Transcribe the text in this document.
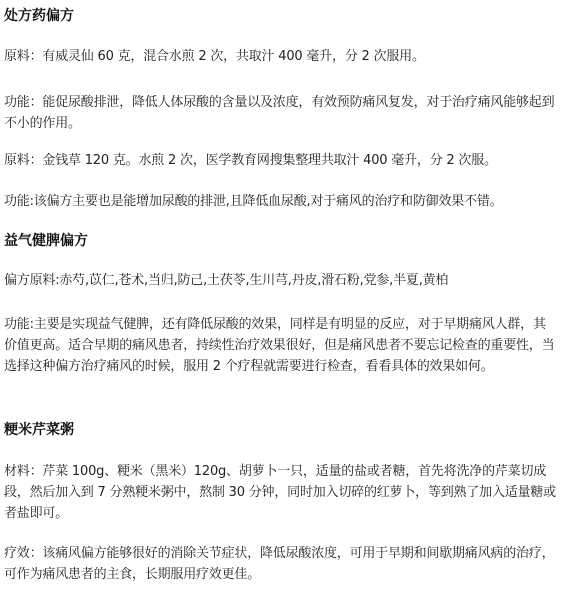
处方药偏方

原料：有威灵仙 60 克，混合水煎 2 次，共取汁 400 毫升，分 2 次服用。

功能：能促尿酸排泄，降低人体尿酸的含量以及浓度，有效预防痛风复发，对于治疗痛风能够起到不小的作用。

原料：金钱草 120 克。水煎 2 次，医学教育网搜集整理共取汁 400 毫升，分 2 次服。

功能:该偏方主要也是能增加尿酸的排泄,且降低血尿酸,对于痛风的治疗和防御效果不错。

益气健脾偏方

偏方原料:赤芍,苡仁,苍术,当归,防己,土茯苓,生川芎,丹皮,滑石粉,党参,半夏,黄柏

功能:主要是实现益气健脾，还有降低尿酸的效果，同样是有明显的反应，对于早期痛风人群，其价值更高。适合早期的痛风患者，持续性治疗效果很好，但是痛风患者不要忘记检查的重要性，当选择这种偏方治疗痛风的时候，服用 2 个疗程就需要进行检查，看看具体的效果如何。

粳米芹菜粥

材料：芹菜 100g、粳米（黑米）120g、胡萝卜一只，适量的盐或者糖，首先将洗净的芹菜切成段，然后加入到 7 分熟粳米粥中，熬制 30 分钟，同时加入切碎的红萝卜，等到熟了加入适量糖或者盐即可。

疗效：该痛风偏方能够很好的消除关节症状，降低尿酸浓度，可用于早期和间歇期痛风病的治疗，可作为痛风患者的主食，长期服用疗效更佳。
